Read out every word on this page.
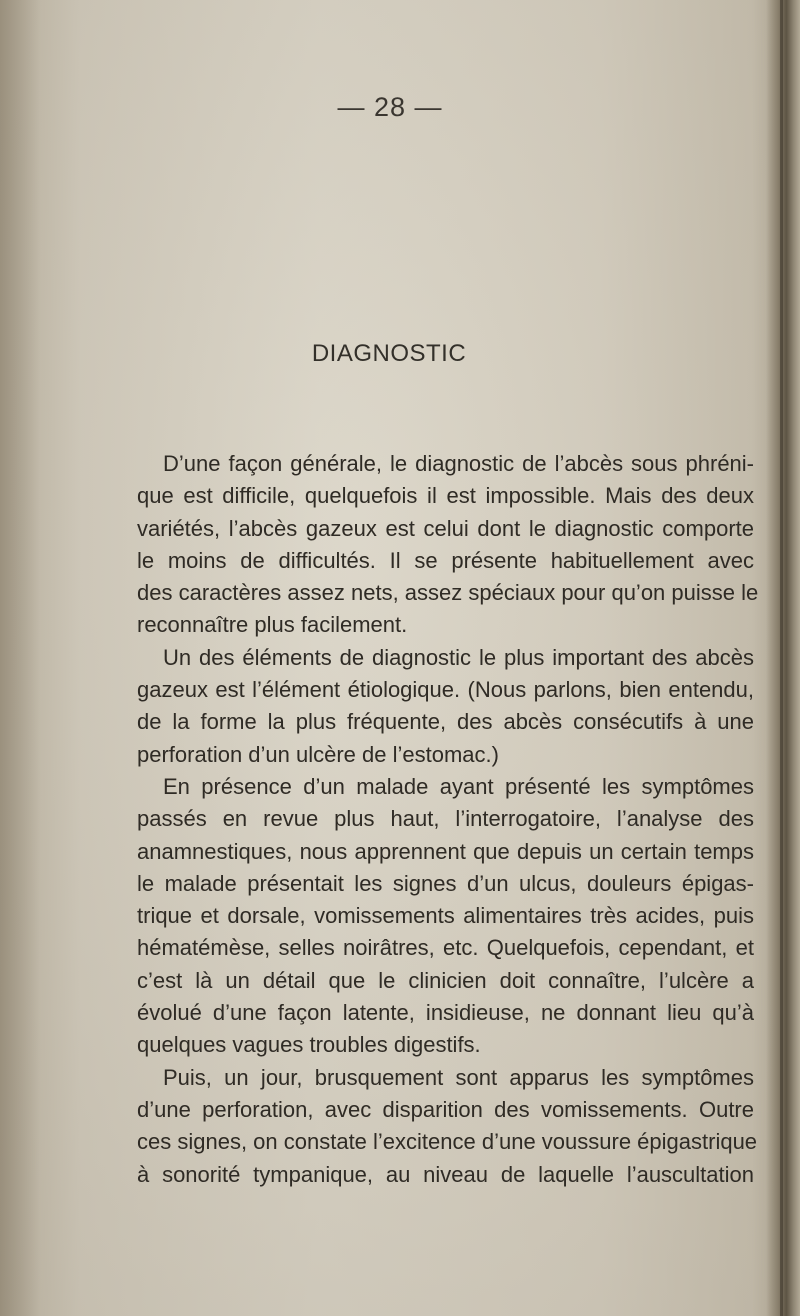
— 28 —
DIAGNOSTIC
D’une façon générale, le diagnostic de l’abcès sous phréni-
que est difficile, quelquefois il est impossible. Mais des deux
variétés, l’abcès gazeux est celui dont le diagnostic comporte
le moins de difficultés. Il se présente habituellement avec
des caractères assez nets, assez spéciaux pour qu’on puisse le
reconnaître plus facilement.
Un des éléments de diagnostic le plus important des abcès
gazeux est l’élément étiologique. (Nous parlons, bien entendu,
de la forme la plus fréquente, des abcès consécutifs à une
perforation d’un ulcère de l’estomac.)
En présence d’un malade ayant présenté les symptômes
passés en revue plus haut, l’interrogatoire, l’analyse des
anamnestiques, nous apprennent que depuis un certain temps
le malade présentait les signes d’un ulcus, douleurs épigas-
trique et dorsale, vomissements alimentaires très acides, puis
hématémèse, selles noirâtres, etc. Quelquefois, cependant, et
c’est là un détail que le clinicien doit connaître, l’ulcère a
évolué d’une façon latente, insidieuse, ne donnant lieu qu’à
quelques vagues troubles digestifs.
Puis, un jour, brusquement sont apparus les symptômes
d’une perforation, avec disparition des vomissements. Outre
ces signes, on constate l’excitence d’une voussure épigastrique
à sonorité tympanique, au niveau de laquelle l’auscultation
